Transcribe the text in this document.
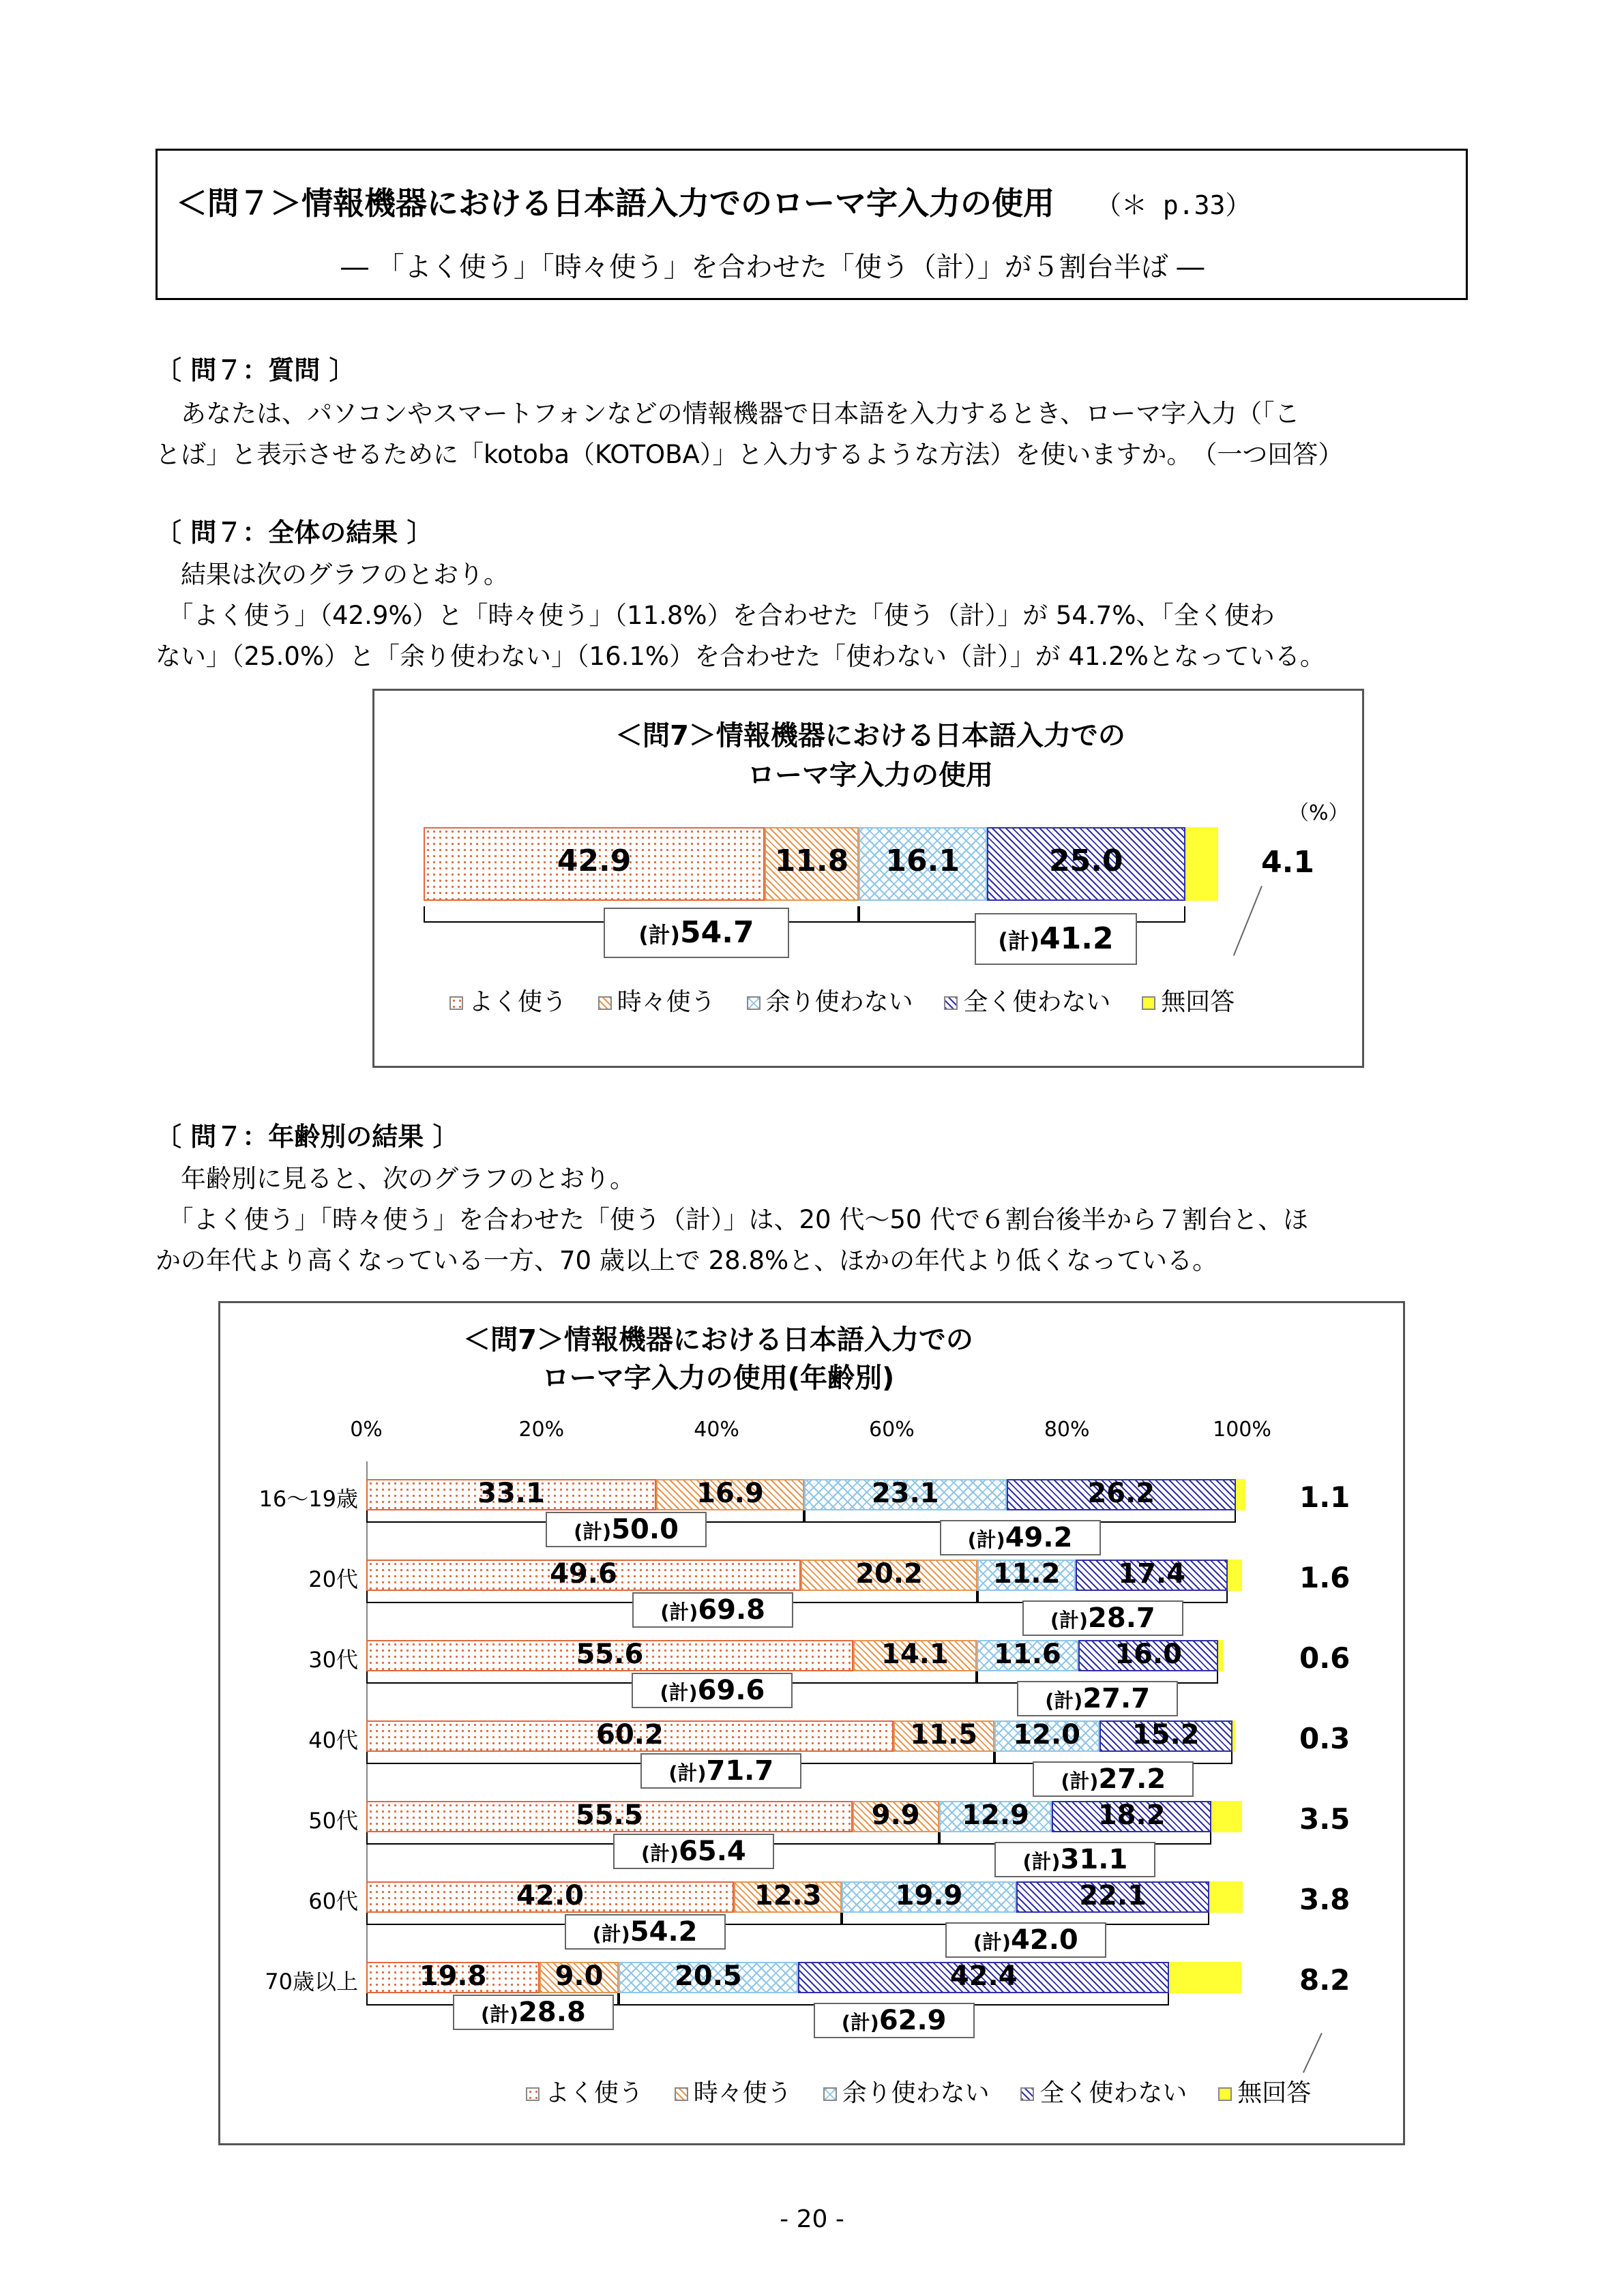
＜問７＞情報機器における日本語入力でのローマ字入力の使用 （＊ p.33）
― 「よく使う」「時々使う」を合わせた「使う（計）」が５割台半ば ―
〔 問７：質問 〕
　あなたは、パソコンやスマートフォンなどの情報機器で日本語を入力するとき、ローマ字入力（「こ
とば」と表示させるために「kotoba（KOTOBA）」と入力するような方法）を使いますか。　（一つ回答）
〔 問７：全体の結果 〕
　結果は次のグラフのとおり。
　「よく使う」（42.9%）と「時々使う」（11.8%）を合わせた「使う（計）」が 54.7%、「全く使わ
ない」（25.0%）と「余り使わない」（16.1%）を合わせた「使わない（計）」が 41.2%となっている。
＜問7＞情報機器における日本語入力での
ローマ字入力の使用
（%）
42.9	11.8	16.1	25.0	4.1
(計)54.7	(計)41.2
よく使う 時々使う 余り使わない 全く使わない 無回答
〔 問７：年齢別の結果 〕
　年齢別に見ると、次のグラフのとおり。
　「よく使う」「時々使う」を合わせた「使う（計）」は、20 代～50 代で６割台後半から７割台と、ほ
かの年代より高くなっている一方、70 歳以上で 28.8%と、ほかの年代より低くなっている。
＜問7＞情報機器における日本語入力での
ローマ字入力の使用(年齢別)
0%	20%	40%	60%	80%	100%
16～19歳	33.1	16.9	23.1	26.2	1.1
(計)50.0	(計)49.2
20代	49.6	20.2	11.2	17.4	1.6
(計)69.8	(計)28.7
30代	55.6	14.1	11.6	16.0	0.6
(計)69.6	(計)27.7
40代	60.2	11.5	12.0	15.2	0.3
(計)71.7	(計)27.2
50代	55.5	9.9	12.9	18.2	3.5
(計)65.4	(計)31.1
60代	42.0	12.3	19.9	22.1	3.8
(計)54.2	(計)42.0
70歳以上	19.8	9.0	20.5	42.4	8.2
(計)28.8	(計)62.9
よく使う 時々使う 余り使わない 全く使わない 無回答
- 20 -
